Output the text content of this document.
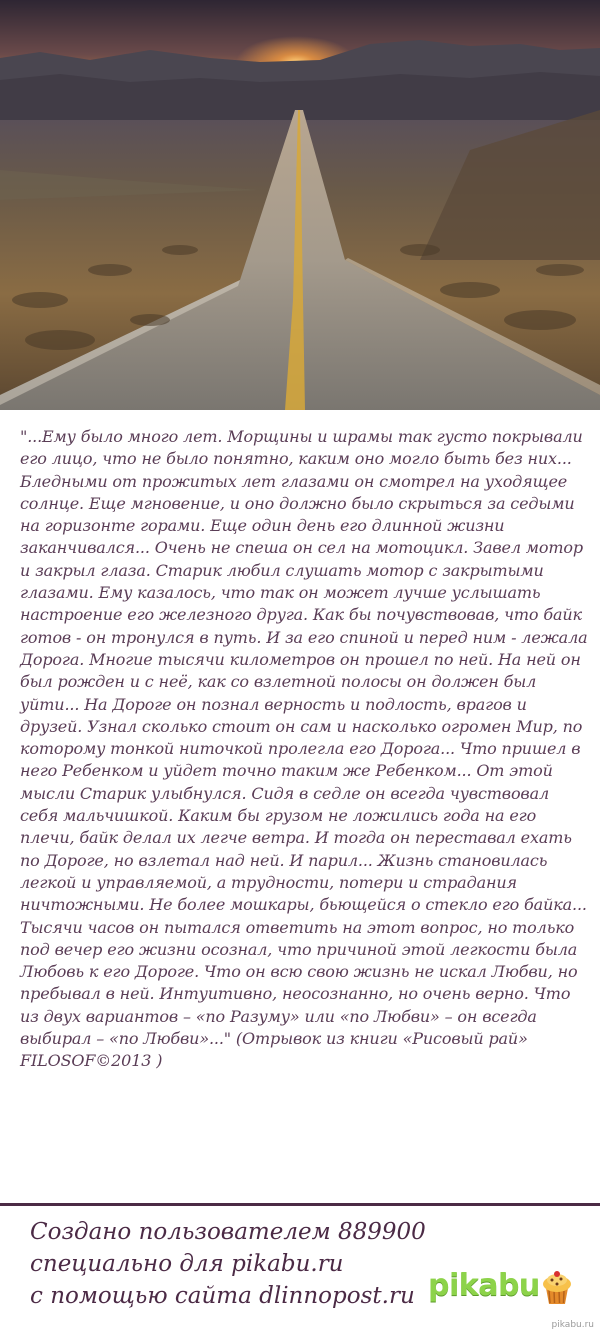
"...Ему было много лет. Морщины и шрамы так густо покрывали его лицо, что не было понятно, каким оно могло быть без них... Бледными от прожитых лет глазами он смотрел на уходящее солнце. Еще мгновение, и оно должно было скрыться за седыми на горизонте горами. Еще один день его длинной жизни заканчивался... Очень не спеша он сел на мотоцикл. Завел мотор и закрыл глаза. Старик любил слушать мотор с закрытыми глазами. Ему казалось, что так он может лучше услышать настроение его железного друга. Как бы почувствовав, что байк готов - он тронулся в путь. И за его спиной и перед ним - лежала Дорога. Многие тысячи километров он прошел по ней. На ней он был рожден и с неё, как со взлетной полосы он должен был уйти... На Дороге он познал верность и подлость, врагов и друзей. Узнал сколько стоит он сам и насколько огромен Мир, по которому тонкой ниточкой пролегла его Дорога... Что пришел в него Ребенком и уйдет точно таким же Ребенком... От этой мысли Старик улыбнулся. Сидя в седле он всегда чувствовал себя мальчишкой. Каким бы грузом не ложились года на его плечи, байк делал их легче ветра. И тогда он переставал ехать по Дороге, но взлетал над ней. И парил... Жизнь становилась легкой и управляемой, а трудности, потери и страдания ничтожными. Не более мошкары, бьющейся о стекло его байка... Тысячи часов он пытался ответить на этот вопрос, но только под вечер его жизни осознал, что причиной этой легкости была Любовь к его Дороге. Что он всю свою жизнь не искал Любви, но пребывал в ней. Интуитивно, неосознанно, но очень верно. Что из двух вариантов – «по Разуму» или «по Любви» – он всегда выбирал – «по Любви»..." (Отрывок из книги «Рисовый рай» FILOSOF©2013 )
Создано пользователем 889900
специально для pikabu.ru
с помощью сайта dlinnopost.ru pikabu
pikabu.ru
